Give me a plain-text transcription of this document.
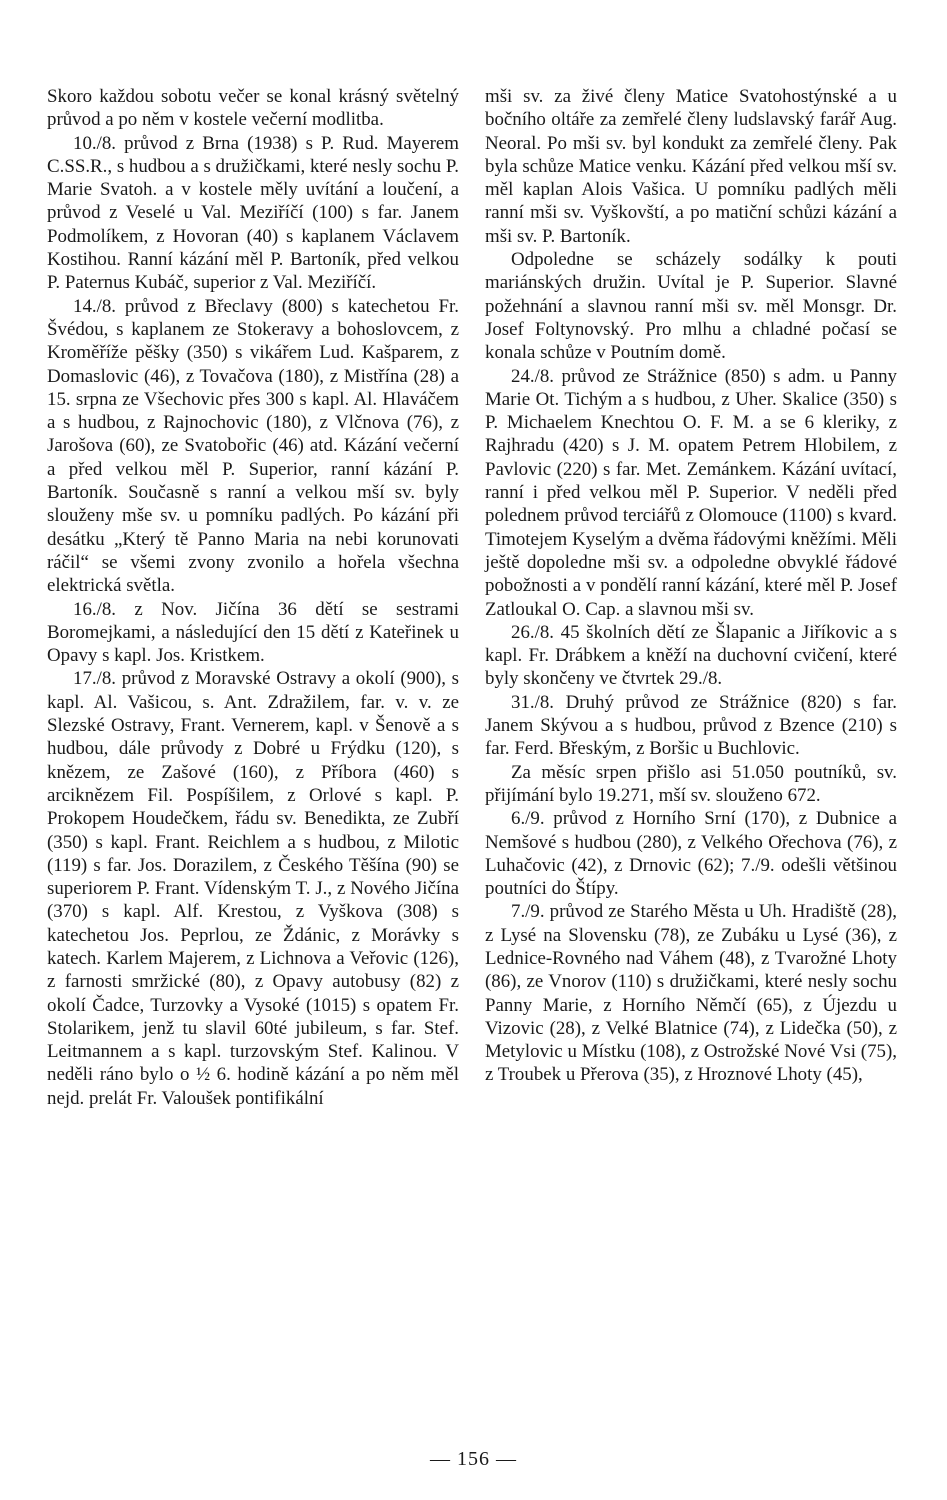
Skoro každou sobotu večer se konal krásný světelný průvod a po něm v kostele večerní modlitba.

10./8. průvod z Brna (1938) s P. Rud. Mayerem C.SS.R., s hudbou a s družičkami, které nesly sochu P. Marie Svatoh. a v kostele měly uvítání a loučení, a průvod z Veselé u Val. Meziříčí (100) s far. Janem Podmolíkem, z Hovoran (40) s kaplanem Václavem Kostihou. Ranní kázání měl P. Bartoník, před velkou P. Paternus Kubáč, superior z Val. Meziříčí.

14./8. průvod z Břeclavy (800) s katechetou Fr. Švédou, s kaplanem ze Stokeravy a bohoslovcem, z Kroměříže pěšky (350) s vikářem Lud. Kašparem, z Domaslovic (46), z Tovačova (180), z Mistřína (28) a 15. srpna ze Všechovic přes 300 s kapl. Al. Hlaváčem a s hudbou, z Rajnochovic (180), z Vlčnova (76), z Jarošova (60), ze Svatobořic (46) atd. Kázání večerní a před velkou měl P. Superior, ranní kázání P. Bartoník. Současně s ranní a velkou mší sv. byly slouženy mše sv. u pomníku padlých. Po kázání při desátku „Který tě Panno Maria na nebi korunovati ráčil“ se všemi zvony zvonilo a hořela všechna elektrická světla.

16./8. z Nov. Jičína 36 dětí se sestrami Boromejkami, a následující den 15 dětí z Kateřinek u Opavy s kapl. Jos. Kristkem.

17./8. průvod z Moravské Ostravy a okolí (900), s kapl. Al. Vašicou, s. Ant. Zdražilem, far. v. v. ze Slezské Ostravy, Frant. Vernerem, kapl. v Šenově a s hudbou, dále průvody z Dobré u Frýdku (120), s knězem, ze Zašové (160), z Příbora (460) s arciknězem Fil. Pospíšilem, z Orlové s kapl. P. Prokopem Houdečkem, řádu sv. Benedikta, ze Zubří (350) s kapl. Frant. Reichlem a s hudbou, z Milotic (119) s far. Jos. Dorazilem, z Českého Těšína (90) se superiorem P. Frant. Vídenským T. J., z Nového Jičína (370) s kapl. Alf. Krestou, z Vyškova (308) s katechetou Jos. Peprlou, ze Ždánic, z Morávky s katech. Karlem Majerem, z Lichnova a Veřovic (126), z farnosti smržické (80), z Opavy autobusy (82) z okolí Čadce, Turzovky a Vysoké (1015) s opatem Fr. Stolarikem, jenž tu slavil 60té jubileum, s far. Stef. Leitmannem a s kapl. turzovským Stef. Kalinou. V neděli ráno bylo o ½ 6. hodině kázání a po něm měl nejd. prelát Fr. Valoušek pontifikální

mši sv. za živé členy Matice Svatohostýnské a u bočního oltáře za zemřelé členy ludslavský farář Aug. Neoral. Po mši sv. byl kondukt za zemřelé členy. Pak byla schůze Matice venku. Kázání před velkou mší sv. měl kaplan Alois Vašica. U pomníku padlých měli ranní mši sv. Vyškovští, a po matiční schůzi kázání a mši sv. P. Bartoník.

Odpoledne se scházely sodálky k pouti mariánských družin. Uvítal je P. Superior. Slavné požehnání a slavnou ranní mši sv. měl Monsgr. Dr. Josef Foltynovský. Pro mlhu a chladné počasí se konala schůze v Poutním domě.

24./8. průvod ze Strážnice (850) s adm. u Panny Marie Ot. Tichým a s hudbou, z Uher. Skalice (350) s P. Michaelem Knechtou O. F. M. a se 6 kleriky, z Rajhradu (420) s J. M. opatem Petrem Hlobilem, z Pavlovic (220) s far. Met. Zemánkem. Kázání uvítací, ranní i před velkou měl P. Superior. V neděli před polednem průvod terciářů z Olomouce (1100) s kvard. Timotejem Kyselým a dvěma řádovými kněžími. Měli ještě dopoledne mši sv. a odpoledne obvyklé řádové pobožnosti a v pondělí ranní kázání, které měl P. Josef Zatloukal O. Cap. a slavnou mši sv.

26./8. 45 školních dětí ze Šlapanic a Jiříkovic a s kapl. Fr. Drábkem a kněží na duchovní cvičení, které byly skončeny ve čtvrtek 29./8.

31./8. Druhý průvod ze Strážnice (820) s far. Janem Skývou a s hudbou, průvod z Bzence (210) s far. Ferd. Břeským, z Boršic u Buchlovic.

Za měsíc srpen přišlo asi 51.050 poutníků, sv. přijímání bylo 19.271, mší sv. slouženo 672.

6./9. průvod z Horního Srní (170), z Dubnice a Nemšové s hudbou (280), z Velkého Ořechova (76), z Luhačovic (42), z Drnovic (62); 7./9. odešli většinou poutníci do Štípy.

7./9. průvod ze Starého Města u Uh. Hradiště (28), z Lysé na Slovensku (78), ze Zubáku u Lysé (36), z Lednice-Rovného nad Váhem (48), z Tvarožné Lhoty (86), ze Vnorov (110) s družičkami, které nesly sochu Panny Marie, z Horního Němčí (65), z Újezdu u Vizovic (28), z Velké Blatnice (74), z Lidečka (50), z Metylovic u Místku (108), z Ostrožské Nové Vsi (75), z Troubek u Přerova (35), z Hroznové Lhoty (45),

— 156 —
